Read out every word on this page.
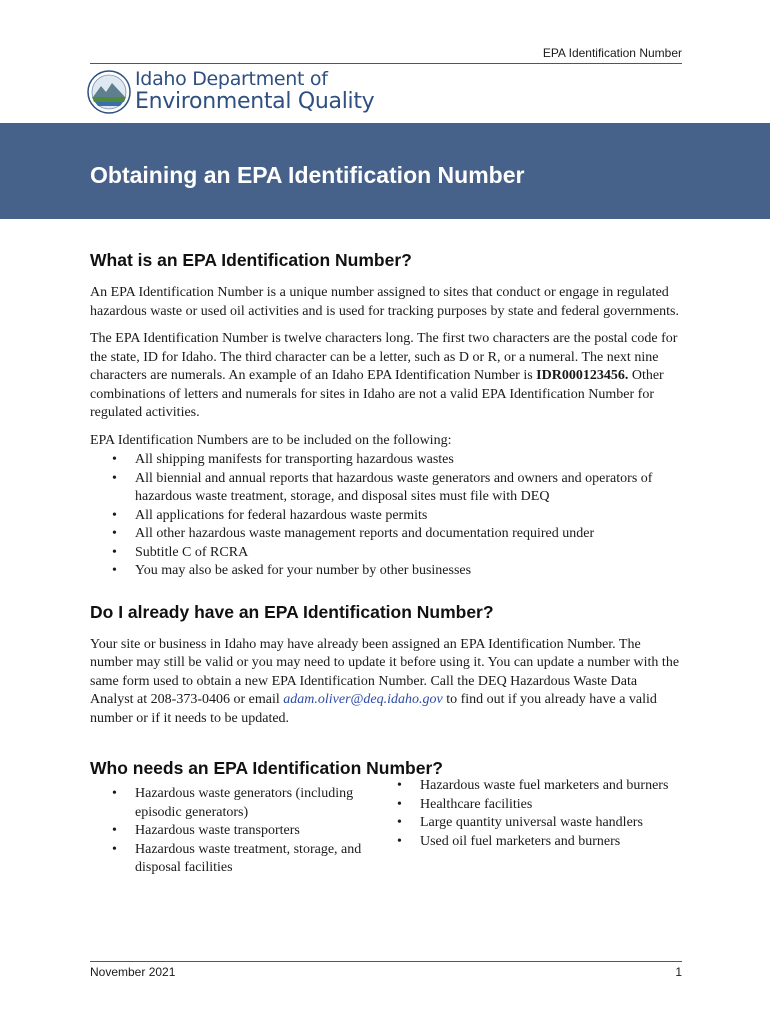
EPA Identification Number
Idaho Department of
Environmental Quality
Obtaining an EPA Identification Number
What is an EPA Identification Number?

An EPA Identification Number is a unique number assigned to sites that conduct or engage in regulated hazardous waste or used oil activities and is used for tracking purposes by state and federal governments.

The EPA Identification Number is twelve characters long. The first two characters are the postal code for the state, ID for Idaho. The third character can be a letter, such as D or R, or a numeral. The next nine characters are numerals. An example of an Idaho EPA Identification Number is IDR000123456. Other combinations of letters and numerals for sites in Idaho are not a valid EPA Identification Number for regulated activities.

EPA Identification Numbers are to be included on the following:

• All shipping manifests for transporting hazardous wastes
• All biennial and annual reports that hazardous waste generators and owners and operators of hazardous waste treatment, storage, and disposal sites must file with DEQ
• All applications for federal hazardous waste permits
• All other hazardous waste management reports and documentation required under
• Subtitle C of RCRA
• You may also be asked for your number by other businesses
Do I already have an EPA Identification Number?

Your site or business in Idaho may have already been assigned an EPA Identification Number. The number may still be valid or you may need to update it before using it. You can update a number with the same form used to obtain a new EPA Identification Number. Call the DEQ Hazardous Waste Data Analyst at 208-373-0406 or email adam.oliver@deq.idaho.gov to find out if you already have a valid number or if it needs to be updated.

Who needs an EPA Identification Number?
• Hazardous waste generators (including episodic generators)
• Hazardous waste transporters
• Hazardous waste treatment, storage, and disposal facilities
• Hazardous waste fuel marketers and burners
• Healthcare facilities
• Large quantity universal waste handlers
• Used oil fuel marketers and burners
November 2021	1
